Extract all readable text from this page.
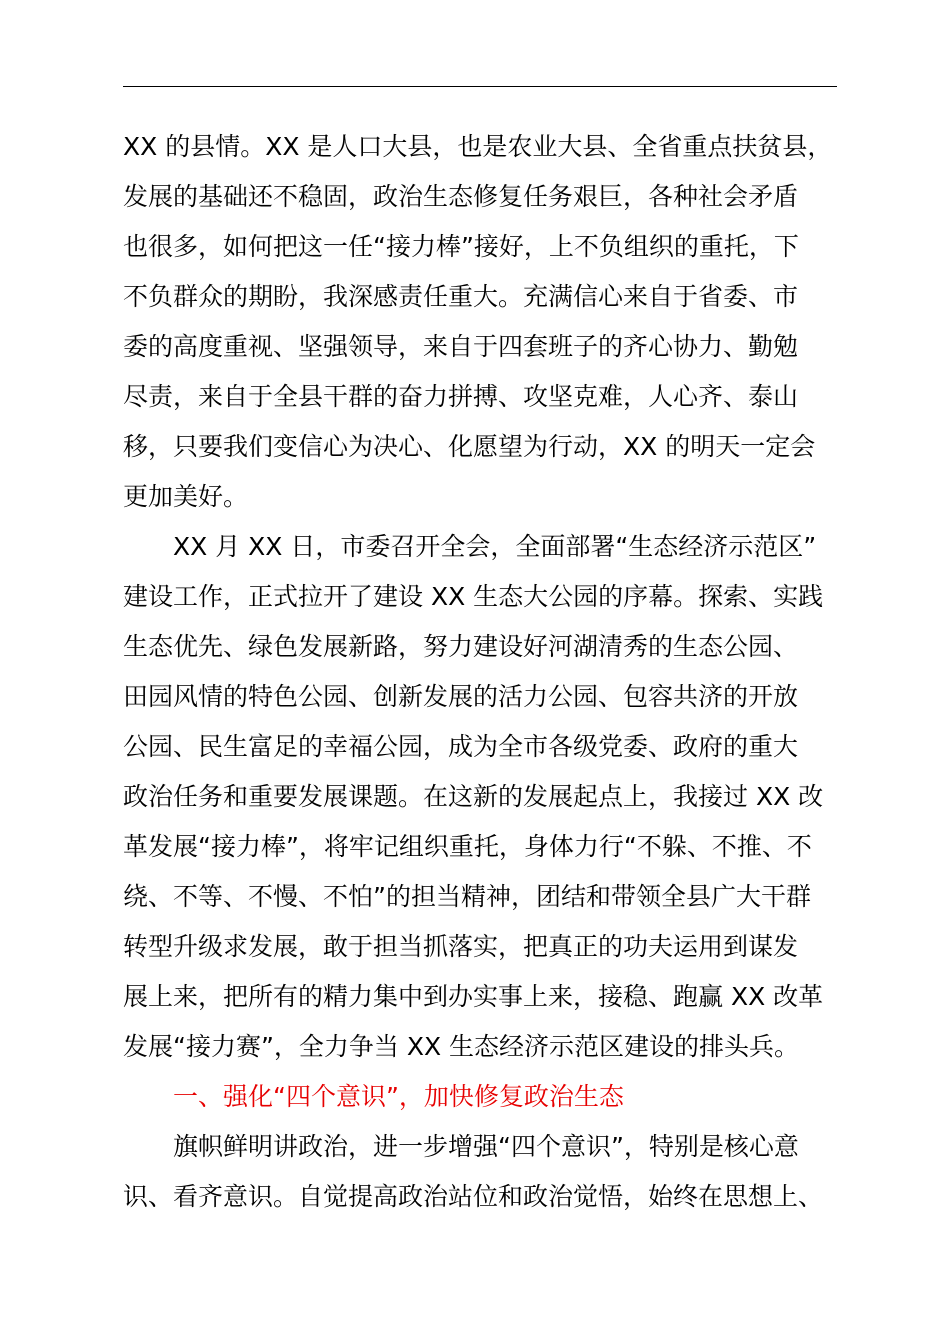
XX 的县情。XX 是人口大县，也是农业大县、全省重点扶贫县，
发展的基础还不稳固，政治生态修复任务艰巨，各种社会矛盾
也很多，如何把这一任“接力棒”接好，上不负组织的重托，下
不负群众的期盼，我深感责任重大。充满信心来自于省委、市
委的高度重视、坚强领导，来自于四套班子的齐心协力、勤勉
尽责，来自于全县干群的奋力拼搏、攻坚克难，人心齐、泰山
移，只要我们变信心为决心、化愿望为行动，XX 的明天一定会
更加美好。
XX 月 XX 日，市委召开全会，全面部署“生态经济示范区”
建设工作，正式拉开了建设 XX 生态大公园的序幕。探索、实践
生态优先、绿色发展新路，努力建设好河湖清秀的生态公园、
田园风情的特色公园、创新发展的活力公园、包容共济的开放
公园、民生富足的幸福公园，成为全市各级党委、政府的重大
政治任务和重要发展课题。在这新的发展起点上，我接过 XX 改
革发展“接力棒”，将牢记组织重托，身体力行“不躲、不推、不
绕、不等、不慢、不怕”的担当精神，团结和带领全县广大干群
转型升级求发展，敢于担当抓落实，把真正的功夫运用到谋发
展上来，把所有的精力集中到办实事上来，接稳、跑赢 XX 改革
发展“接力赛”，全力争当 XX 生态经济示范区建设的排头兵。
一、强化“四个意识”，加快修复政治生态
旗帜鲜明讲政治，进一步增强“四个意识”，特别是核心意
识、看齐意识。自觉提高政治站位和政治觉悟，始终在思想上、
